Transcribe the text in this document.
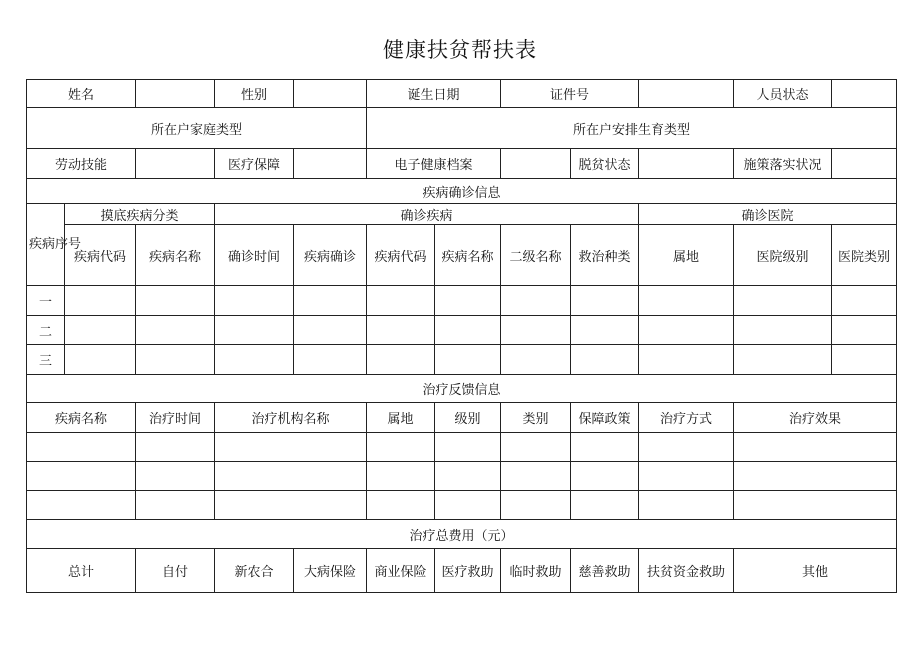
健康扶贫帮扶表
姓名			性别		诞生日期		证件号			人员状态	
所在户家庭类型					所在户安排生育类型						
劳动技能			医疗保障		电子健康档案			脱贫状态		施策落实状况	
疾病确诊信息											
疾病序号	摸底疾病分类		确诊疾病						确诊医院		
	疾病代码	疾病名称	确诊时间	疾病确诊	疾病代码	疾病名称	二级名称	救治种类	属地	医院级别	医院类别
一											
二											
三											
治疗反馈信息											
疾病名称		治疗时间	治疗机构名称		属地	级别	类别	保障政策	治疗方式	治疗效果	

治疗总费用（元）											
总计		自付	新农合	大病保险	商业保险	医疗救助	临时救助	慈善救助	扶贫资金救助	其他	
